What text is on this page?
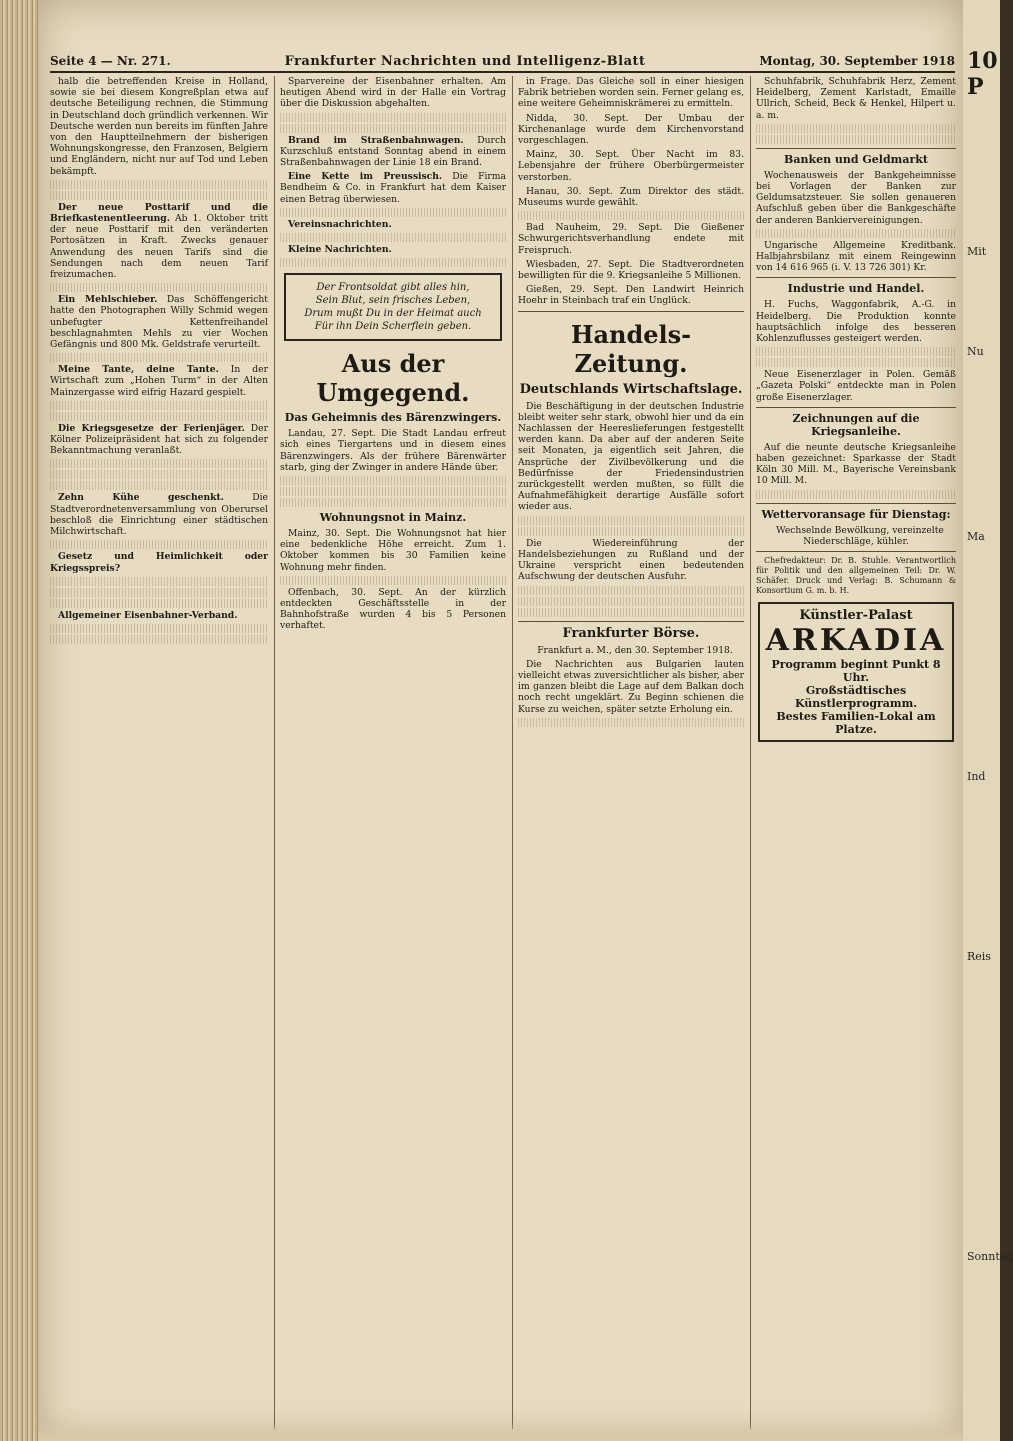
Seite 4 — Nr. 271.	Frankfurter Nachrichten und Intelligenz-Blatt	Montag, 30. September 1918

halb die betreffenden Kreise in Holland, sowie sie bei diesem Kongreßplan etwa auf deutsche Beteiligung rechnen, die Stimmung in Deutschland doch gründlich verkennen. Wir Deutsche werden nun bereits im fünften Jahre von den Hauptteilnehmern der bisherigen Wohnungskongresse, den Franzosen, Belgiern und Engländern, nicht nur auf Tod und Leben bekämpft.

Der neue Posttarif und die Briefkastenentleerung. Ab 1. Oktober tritt der neue Posttarif mit den veränderten Portosätzen in Kraft. Zwecks genauer Anwendung des neuen Tarifs sind die Sendungen nach dem neuen Tarif freizumachen.

Ein Mehlschieber. Das Schöffengericht hatte den Photographen Willy Schmid wegen unbefugter Kettenfreihandel beschlagnahmten Mehls zu vier Wochen Gefängnis und 800 Mk. Geldstrafe verurteilt.

Meine Tante, deine Tante. In der Wirtschaft zum „Hohen Turm“ in der Alten Mainzergasse wird eifrig Hazard gespielt.

Die Kriegsgesetze der Ferienjäger. Der Kölner Polizeipräsident hat sich zu folgender Bekanntmachung veranlaßt.

Zehn Kühe geschenkt.	Die Stadtverordnetenversammlung von Oberursel beschloß die Einrichtung einer städtischen Milchwirtschaft.

Gesetz und Heimlichkeit oder Kriegsspreis?

Allgemeiner Eisenbahner-Verband.

Sparvereine der Eisenbahner erhalten. Am heutigen Abend wird in der Halle ein Vortrag über die Diskussion abgehalten.

Brand im Straßenbahnwagen. Durch Kurzschluß entstand Sonntag abend in einem Straßenbahnwagen der Linie 18 ein Brand.

Eine Kette im Preussisch. Die Firma Bendheim & Co. in Frankfurt hat dem Kaiser einen Betrag überwiesen.

Vereinsnachrichten.

Kleine Nachrichten.

Der Frontsoldat gibt alles hin,
Sein Blut, sein frisches Leben,
Drum mußt Du in der Heimat auch
Für ihn Dein Scherflein geben.
Aus der Umgegend.
Das Geheimnis des Bärenzwingers.

Landau, 27. Sept. Die Stadt Landau erfreut sich eines Tiergartens und in diesem eines Bärenzwingers. Als der frühere Bärenwärter starb, ging der Zwinger in andere Hände über.

Wohnungsnot in Mainz.

Mainz, 30. Sept. Die Wohnungsnot hat hier eine bedenkliche Höhe erreicht. Zum 1. Oktober kommen bis 30 Familien keine Wohnung mehr finden.

Offenbach, 30. Sept. An der kürzlich entdeckten Geschäftsstelle in der Bahnhofstraße wurden 4 bis 5 Personen verhaftet.

in Frage. Das Gleiche soll in einer hiesigen Fabrik betrieben worden sein. Ferner gelang es, eine weitere Geheimniskrämerei zu ermitteln.

Nidda, 30. Sept. Der Umbau der Kirchenanlage wurde dem Kirchenvorstand vorgeschlagen.

Mainz, 30. Sept. Über Nacht im 83. Lebensjahre der frühere Oberbürgermeister verstorben.

Hanau, 30. Sept. Zum Direktor des städt. Museums wurde gewählt.

Bad Nauheim, 29. Sept. Die Gießener Schwurgerichtsverhandlung endete mit Freispruch.

Wiesbaden, 27. Sept. Die Stadtverordneten bewilligten für die 9. Kriegsanleihe 5 Millionen.

Gießen, 29. Sept. Den Landwirt Heinrich Hoehr in Steinbach traf ein Unglück.

Handels-Zeitung.
Deutschlands Wirtschaftslage.

Die Beschäftigung in der deutschen Industrie bleibt weiter sehr stark, obwohl hier und da ein Nachlassen der Heereslieferungen festgestellt werden kann. Da aber auf der anderen Seite seit Monaten, ja eigentlich seit Jahren, die Ansprüche der Zivilbevölkerung und die Bedürfnisse der Friedensindustrien zurückgestellt werden mußten, so füllt die Aufnahmefähigkeit derartige Ausfälle sofort wieder aus.

Die Wiedereinführung der Handelsbeziehungen zu Rußland und der Ukraine verspricht einen bedeutenden Aufschwung der deutschen Ausfuhr.

Frankfurter Börse.

Frankfurt a. M., den 30. September 1918.

Die Nachrichten aus Bulgarien lauten vielleicht etwas zuversichtlicher als bisher, aber im ganzen bleibt die Lage auf dem Balkan doch noch recht ungeklärt. Zu Beginn schienen die Kurse zu weichen, später setzte Erholung ein.

Schuhfabrik, Schuhfabrik Herz, Zement Heidelberg, Zement Karlstadt, Emaille Ullrich, Scheid, Beck & Henkel, Hilpert u. a. m.

Banken und Geldmarkt

Wochenausweis der Bankgeheimnisse bei Vorlagen der Banken zur Geldumsatzsteuer. Sie sollen genaueren Aufschluß geben über die Bankgeschäfte der anderen Bankiervereinigungen.

Ungarische Allgemeine Kreditbank. Halbjahrsbilanz mit einem Reingewinn von 14 616 965 (i. V. 13 726 301) Kr.

Industrie und Handel.

H. Fuchs, Waggonfabrik, A.-G. in Heidelberg. Die Produktion konnte hauptsächlich infolge des besseren Kohlenzuflusses gesteigert werden.

Neue Eisenerzlager in Polen. Gemäß „Gazeta Polski“ entdeckte man in Polen große Eisenerzlager.

Zeichnungen auf die Kriegsanleihe.

Auf die neunte deutsche Kriegsanleihe haben gezeichnet: Sparkasse der Stadt Köln 30 Mill. M., Bayerische Vereinsbank 10 Mill. M.

Wettervoransage für Dienstag:

Wechselnde Bewölkung, vereinzelte Niederschläge, kühler.

Chefredakteur: Dr. B. Stuhle. Verantwortlich für Politik und den allgemeinen Teil: Dr. W. Schäfer. Druck und Verlag: B. Schumann & Konsortium G. m. b. H.

Künstler-Palast
ARKADIA
Programm beginnt Punkt 8 Uhr.
Großstädtisches Künstlerprogramm.
Bestes Familien-Lokal am Platze.
10 P
Mit
Nu
Ma
Ind
Reis
Sonntag
